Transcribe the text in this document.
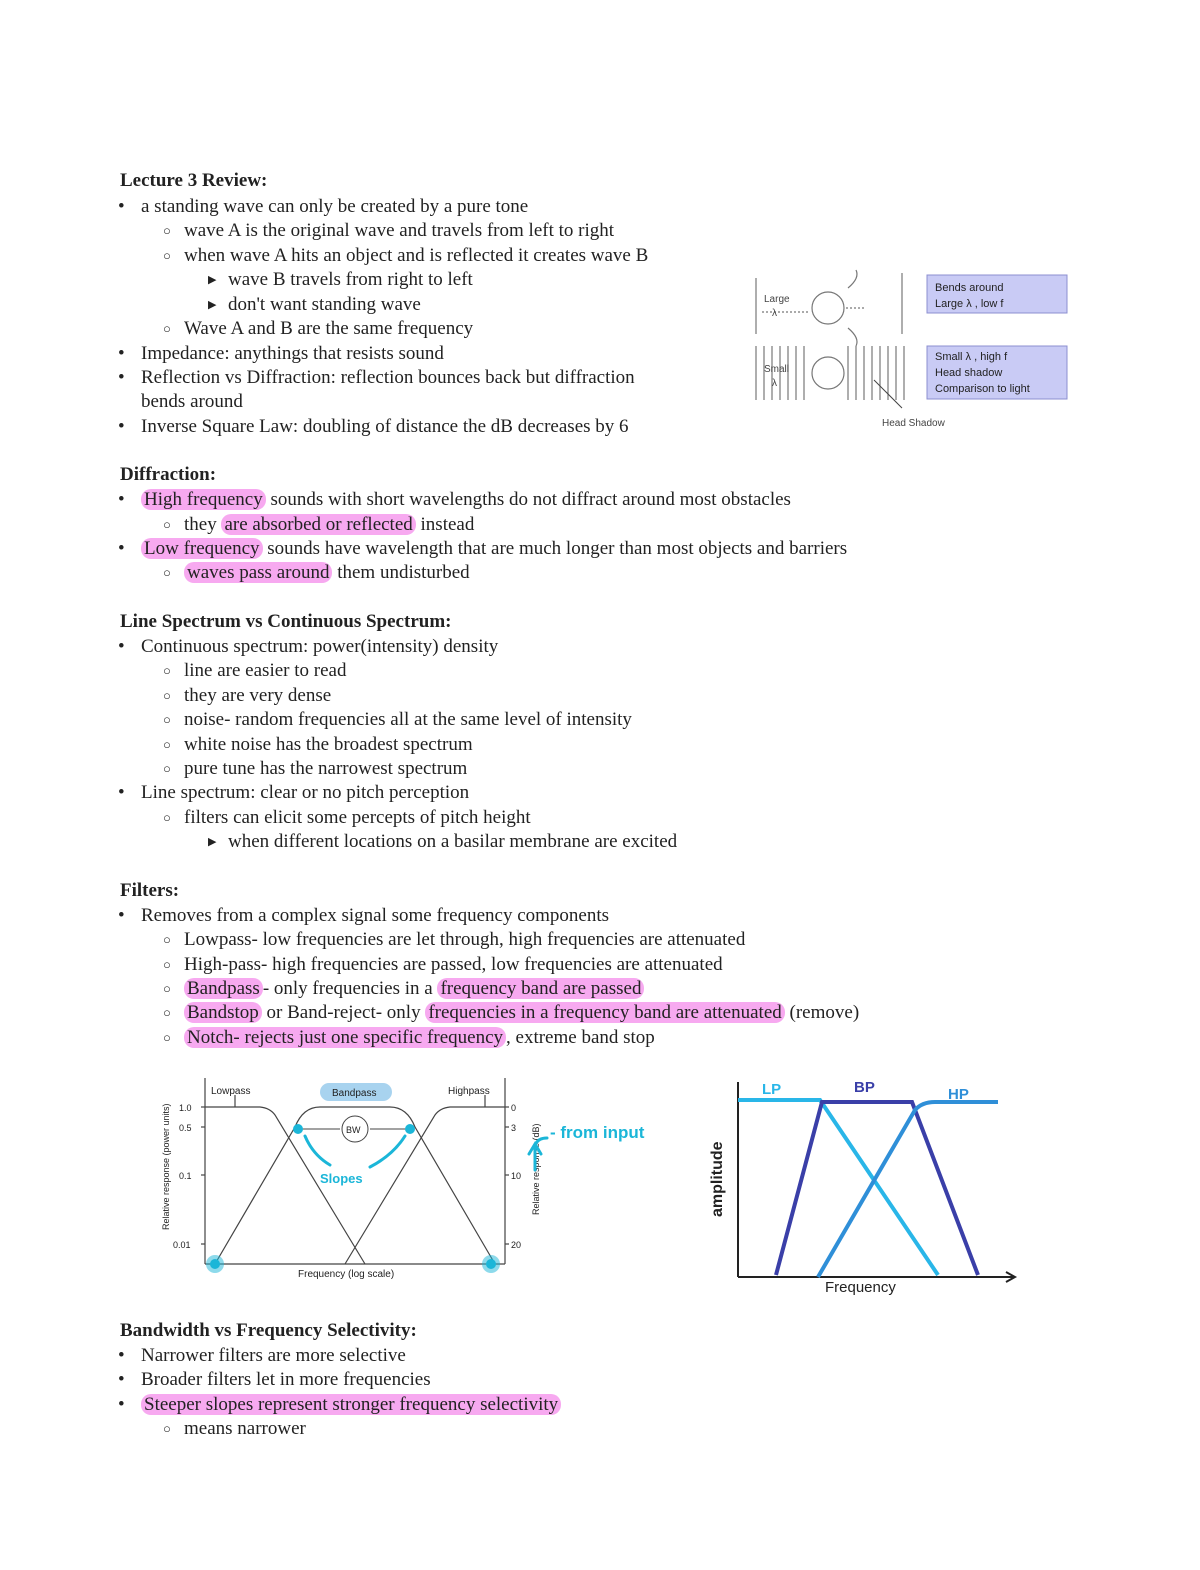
Lecture 3 Review:
• a standing wave can only be created by a pure tone
○ wave A is the original wave and travels from left to right
○ when wave A hits an object and is reflected it creates wave B
▶ wave B travels from right to left
▶ don't want standing wave
○ Wave A and B are the same frequency
• Impedance: anythings that resists sound
• Reflection vs Diffraction: reflection bounces back but diffraction
bends around
• Inverse Square Law: doubling of distance the dB decreases by 6
Large
λ
Small
λ
Head Shadow
Bends around
Large λ , low f
Small λ , high f
Head shadow
Comparison to light
Diffraction:
• High frequency sounds with short wavelengths do not diffract around most obstacles
○ they are absorbed or reflected instead
• Low frequency sounds have wavelength that are much longer than most objects and barriers
○ waves pass around them undisturbed
Line Spectrum vs Continuous Spectrum:
• Continuous spectrum: power(intensity) density
○ line are easier to read
○ they are very dense
○ noise- random frequencies all at the same level of intensity
○ white noise has the broadest spectrum
○ pure tune has the narrowest spectrum
• Line spectrum: clear or no pitch perception
○ filters can elicit some percepts of pitch height
▶ when different locations on a basilar membrane are excited
Filters:
• Removes from a complex signal some frequency components
○ Lowpass- low frequencies are let through, high frequencies are attenuated
○ High-pass- high frequencies are passed, low frequencies are attenuated
○ Bandpass - only frequencies in a frequency band are passed
○ Bandstop or Band-reject- only frequencies in a frequency band are attenuated (remove)
○ Notch- rejects just one specific frequency , extreme band stop
Lowpass	Highpass
Bandpass
1.0
0.5
0.1
0.01
0
3
10
20
Relative response (power units)	Relative response (dB)
Frequency (log scale)
BW
Slopes
- from input
LP	BP	HP
amplitude
Frequency
Bandwidth vs Frequency Selectivity:
• Narrower filters are more selective
• Broader filters let in more frequencies
• Steeper slopes represent stronger frequency selectivity
○ means narrower
